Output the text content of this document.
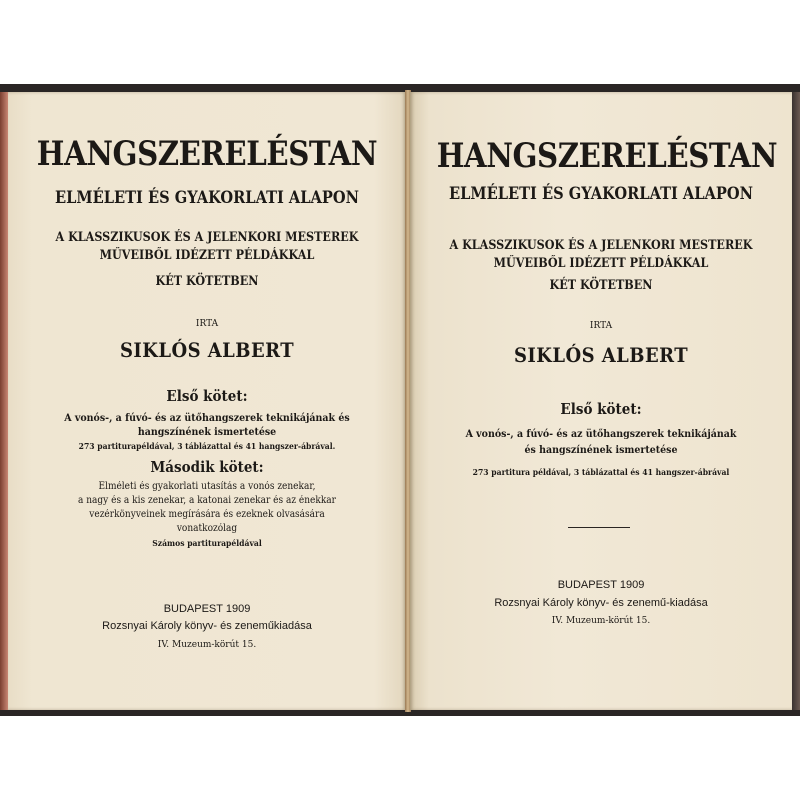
HANGSZERELÉSTAN
ELMÉLETI ÉS GYAKORLATI ALAPON
A KLASSZIKUSOK ÉS A JELENKORI MESTEREK
MŰVEIBŐL IDÉZETT PÉLDÁKKAL
KÉT KÖTETBEN
IRTA
SIKLÓS ALBERT
Első kötet:
A vonós-, a fúvó- és az ütőhangszerek teknikájának és
hangszínének ismertetése
273 partiturapéldával, 3 táblázattal és 41 hangszer-ábrával.
Második kötet:
Elméleti és gyakorlati utasítás a vonós zenekar,
a nagy és a kis zenekar, a katonai zenekar és az énekkar
vezérkönyveinek megírására és ezeknek olvasására
vonatkozólag
Számos partiturapéldával
BUDAPEST 1909
Rozsnyai Károly könyv- és zeneműkiadása
IV. Muzeum-körút 15.
HANGSZERELÉSTAN
ELMÉLETI ÉS GYAKORLATI ALAPON
A KLASSZIKUSOK ÉS A JELENKORI MESTEREK
MŰVEIBŐL IDÉZETT PÉLDÁKKAL
KÉT KÖTETBEN
IRTA
SIKLÓS ALBERT
Első kötet:
A vonós-, a fúvó- és az ütőhangszerek teknikájának
és hangszínének ismertetése
273 partitura példával, 3 táblázattal és 41 hangszer-ábrával
BUDAPEST 1909
Rozsnyai Károly könyv- és zenemű-kiadása
IV. Muzeum-körút 15.
